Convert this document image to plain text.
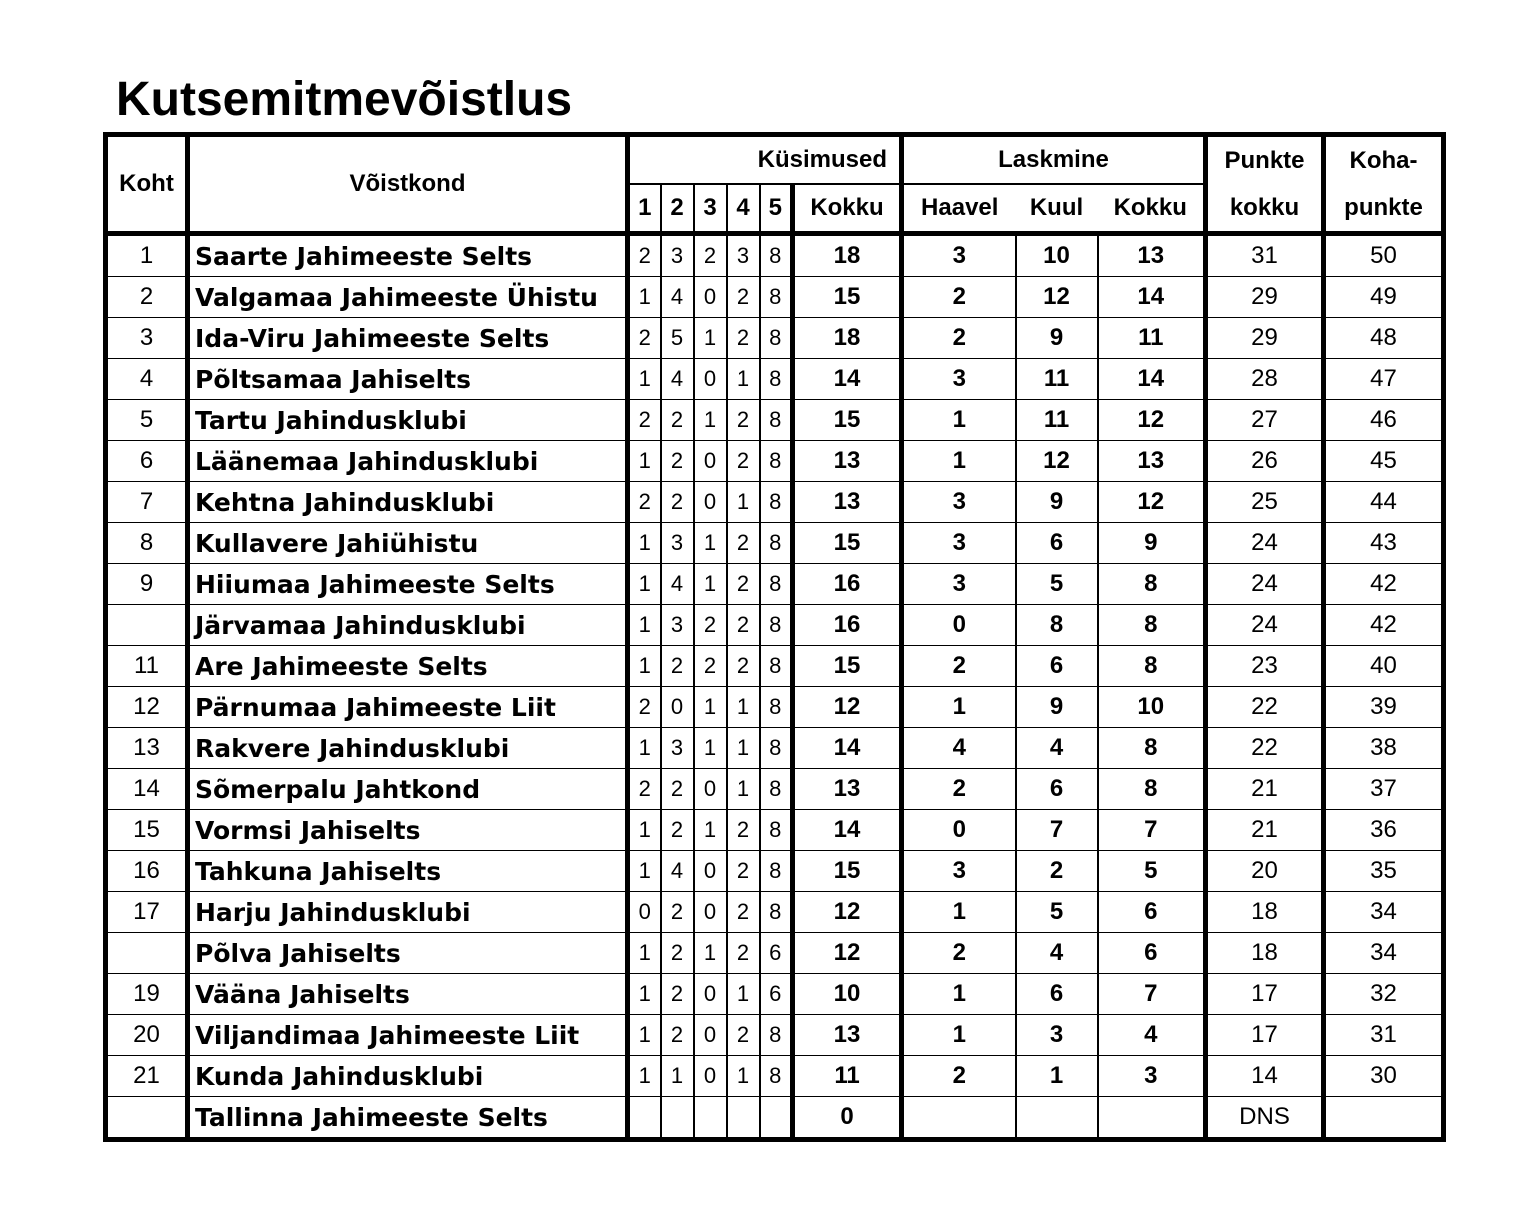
Kutsemitmevõistlus
Koht	Võistkond	Küsimused						Laskmine			Punkte	Koha-
		1	2	3	4	5	Kokku	Haavel	Kuul	Kokku	kokku	punkte
1	Saarte Jahimeeste Selts	2	3	2	3	8	18	3	10	13	31	50
2	Valgamaa Jahimeeste Ühistu	1	4	0	2	8	15	2	12	14	29	49
3	Ida-Viru Jahimeeste Selts	2	5	1	2	8	18	2	9	11	29	48
4	Põltsamaa Jahiselts	1	4	0	1	8	14	3	11	14	28	47
5	Tartu Jahindusklubi	2	2	1	2	8	15	1	11	12	27	46
6	Läänemaa Jahindusklubi	1	2	0	2	8	13	1	12	13	26	45
7	Kehtna Jahindusklubi	2	2	0	1	8	13	3	9	12	25	44
8	Kullavere Jahiühistu	1	3	1	2	8	15	3	6	9	24	43
9	Hiiumaa Jahimeeste Selts	1	4	1	2	8	16	3	5	8	24	42
	Järvamaa Jahindusklubi	1	3	2	2	8	16	0	8	8	24	42
11	Are Jahimeeste Selts	1	2	2	2	8	15	2	6	8	23	40
12	Pärnumaa Jahimeeste Liit	2	0	1	1	8	12	1	9	10	22	39
13	Rakvere Jahindusklubi	1	3	1	1	8	14	4	4	8	22	38
14	Sõmerpalu Jahtkond	2	2	0	1	8	13	2	6	8	21	37
15	Vormsi Jahiselts	1	2	1	2	8	14	0	7	7	21	36
16	Tahkuna Jahiselts	1	4	0	2	8	15	3	2	5	20	35
17	Harju Jahindusklubi	0	2	0	2	8	12	1	5	6	18	34
	Põlva Jahiselts	1	2	1	2	6	12	2	4	6	18	34
19	Vääna Jahiselts	1	2	0	1	6	10	1	6	7	17	32
20	Viljandimaa Jahimeeste Liit	1	2	0	2	8	13	1	3	4	17	31
21	Kunda Jahindusklubi	1	1	0	1	8	11	2	1	3	14	30
	Tallinna Jahimeeste Selts						0				DNS	
